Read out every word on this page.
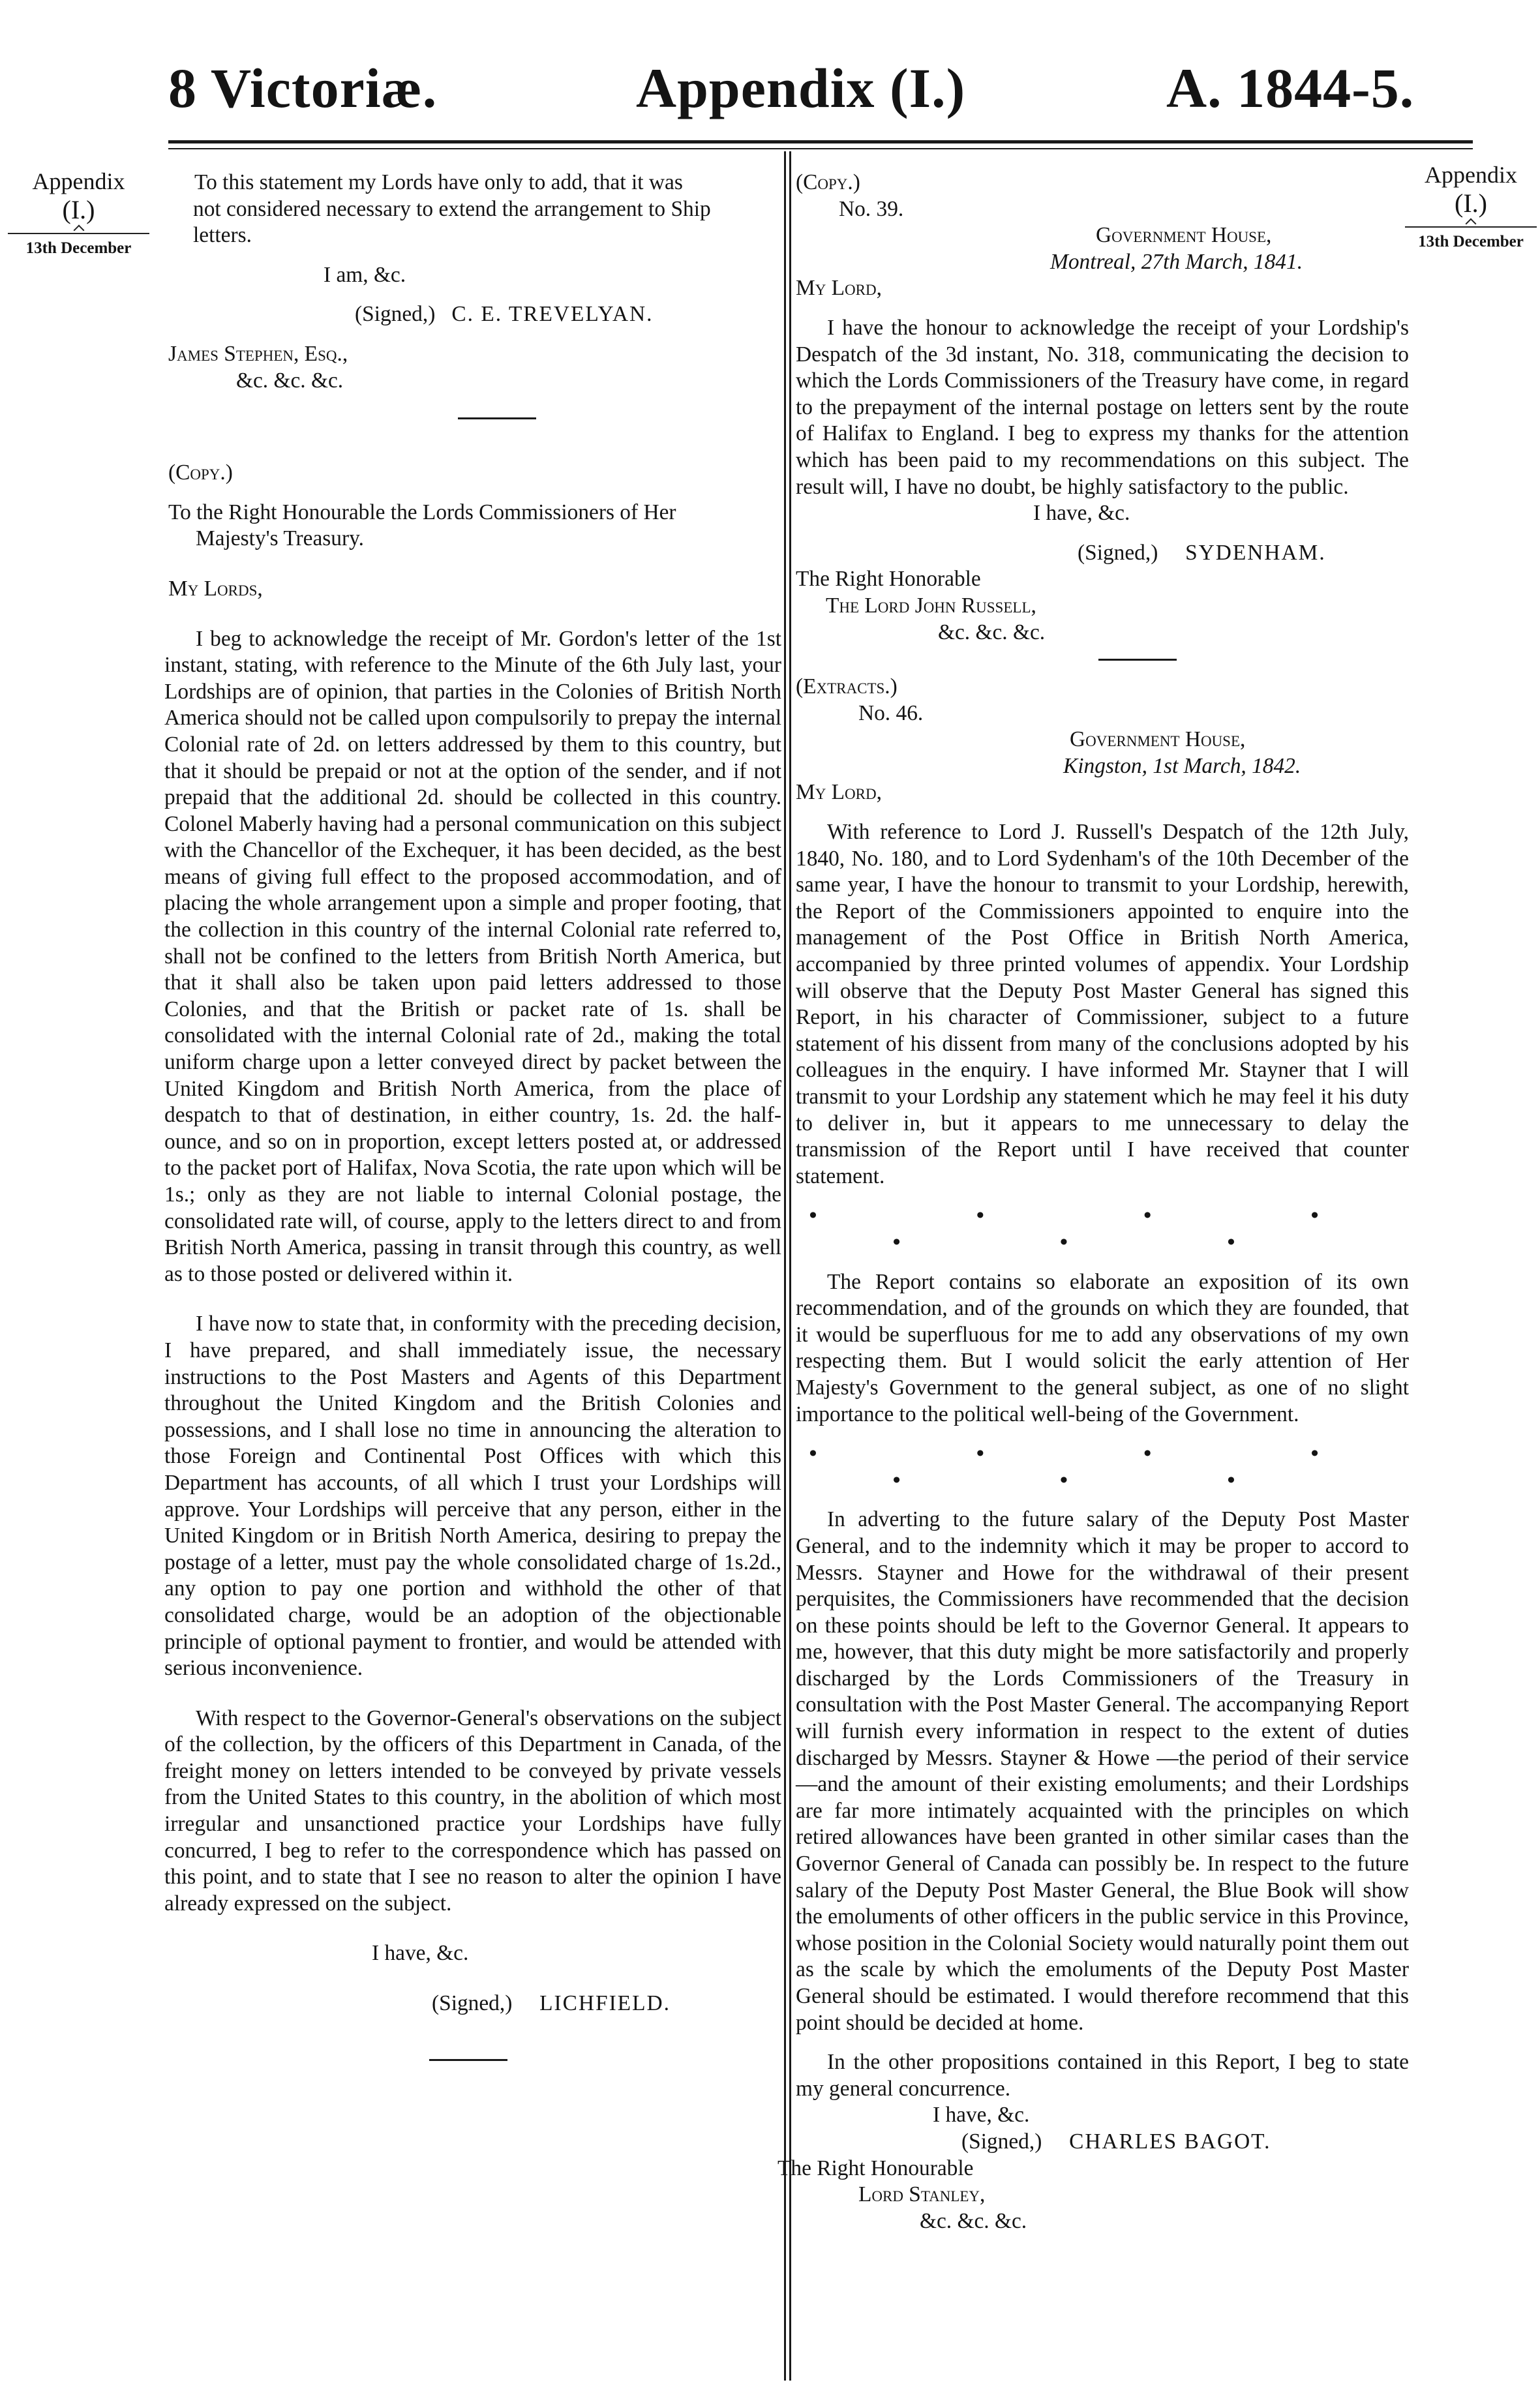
8 Victoriæ.	Appendix (I.)	A. 1844-5.
Appendix
(I.)
13th December
Appendix
(I.)
13th December
To this statement my Lords have only to add, that it was
not considered necessary to extend the arrangement to Ship
letters.
I am, &c.
(Signed,) C. E. TREVELYAN.
James Stephen, Esq.,
&c. &c. &c.
(Copy.)
To the Right Honourable the Lords Commissioners of Her
Majesty's Treasury.
My Lords,

I beg to acknowledge the receipt of Mr. Gordon's letter of the 1st instant, stating, with reference to the Minute of the 6th July last, your Lordships are of opinion, that parties in the Colonies of British North America should not be called upon compulsorily to prepay the internal Colonial rate of 2d. on letters addressed by them to this country, but that it should be prepaid or not at the option of the sender, and if not prepaid that the additional 2d. should be collected in this country. Colonel Maberly having had a personal communication on this subject with the Chancellor of the Exchequer, it has been decided, as the best means of giving full effect to the proposed accommodation, and of placing the whole arrangement upon a simple and proper footing, that the collection in this country of the internal Colonial rate referred to, shall not be confined to the letters from British North America, but that it shall also be taken upon paid letters addressed to those Colonies, and that the British or packet rate of 1s. shall be consolidated with the internal Colonial rate of 2d., making the total uniform charge upon a letter conveyed direct by packet between the United Kingdom and British North America, from the place of despatch to that of destination, in either country, 1s. 2d. the half-ounce, and so on in proportion, except letters posted at, or addressed to the packet port of Halifax, Nova Scotia, the rate upon which will be 1s.; only as they are not liable to internal Colonial postage, the consolidated rate will, of course, apply to the letters direct to and from British North America, passing in transit through this country, as well as to those posted or delivered within it.

I have now to state that, in conformity with the preceding decision, I have prepared, and shall immediately issue, the necessary instructions to the Post Masters and Agents of this Department throughout the United Kingdom and the British Colonies and possessions, and I shall lose no time in announcing the alteration to those Foreign and Continental Post Offices with which this Department has accounts, of all which I trust your Lordships will approve. Your Lordships will perceive that any person, either in the United Kingdom or in British North America, desiring to prepay the postage of a letter, must pay the whole consolidated charge of 1s.2d., any option to pay one portion and withhold the other of that consolidated charge, would be an adoption of the objectionable principle of optional payment to frontier, and would be attended with serious inconvenience.

With respect to the Governor-General's observations on the subject of the collection, by the officers of this Department in Canada, of the freight money on letters intended to be conveyed by private vessels from the United States to this country, in the abolition of which most irregular and unsanctioned practice your Lordships have fully concurred, I beg to refer to the correspondence which has passed on this point, and to state that I see no reason to alter the opinion I have already expressed on the subject.

I have, &c.
(Signed,) LICHFIELD.
(Copy.)
No. 39.
Government House,
Montreal, 27th March, 1841.
My Lord,

I have the honour to acknowledge the receipt of your Lordship's Despatch of the 3d instant, No. 318, communicating the decision to which the Lords Commissioners of the Treasury have come, in regard to the prepayment of the internal postage on letters sent by the route of Halifax to England. I beg to express my thanks for the attention which has been paid to my recommendations on this subject. The result will, I have no doubt, be highly satisfactory to the public.

I have, &c.
(Signed,) SYDENHAM.
The Right Honorable
The Lord John Russell,
&c. &c. &c.
(Extracts.)
No. 46.
Government House,
Kingston, 1st March, 1842.
My Lord,

With reference to Lord J. Russell's Despatch of the 12th July, 1840, No. 180, and to Lord Sydenham's of the 10th December of the same year, I have the honour to transmit to your Lordship, herewith, the Report of the Commissioners appointed to enquire into the management of the Post Office in British North America, accompanied by three printed volumes of appendix. Your Lordship will observe that the Deputy Post Master General has signed this Report, in his character of Commissioner, subject to a future statement of his dissent from many of the conclusions adopted by his colleagues in the enquiry. I have informed Mr. Stayner that I will transmit to your Lordship any statement which he may feel it his duty to deliver in, but it appears to me unnecessary to delay the transmission of the Report until I have received that counter statement.

• • • • • • •

The Report contains so elaborate an exposition of its own recommendation, and of the grounds on which they are founded, that it would be superfluous for me to add any observations of my own respecting them. But I would solicit the early attention of Her Majesty's Government to the general subject, as one of no slight importance to the political well-being of the Government.

• • • • • • •

In adverting to the future salary of the Deputy Post Master General, and to the indemnity which it may be proper to accord to Messrs. Stayner and Howe for the withdrawal of their present perquisites, the Commissioners have recommended that the decision on these points should be left to the Governor General. It appears to me, however, that this duty might be more satisfactorily and properly discharged by the Lords Commissioners of the Treasury in consultation with the Post Master General. The accompanying Report will furnish every information in respect to the extent of duties discharged by Messrs. Stayner & Howe —the period of their service—and the amount of their existing emoluments; and their Lordships are far more intimately acquainted with the principles on which retired allowances have been granted in other similar cases than the Governor General of Canada can possibly be. In respect to the future salary of the Deputy Post Master General, the Blue Book will show the emoluments of other officers in the public service in this Province, whose position in the Colonial Society would naturally point them out as the scale by which the emoluments of the Deputy Post Master General should be estimated. I would therefore recommend that this point should be decided at home.

In the other propositions contained in this Report, I beg to state my general concurrence.

I have, &c.
(Signed,) CHARLES BAGOT.
The Right Honourable
Lord Stanley,
&c. &c. &c.
